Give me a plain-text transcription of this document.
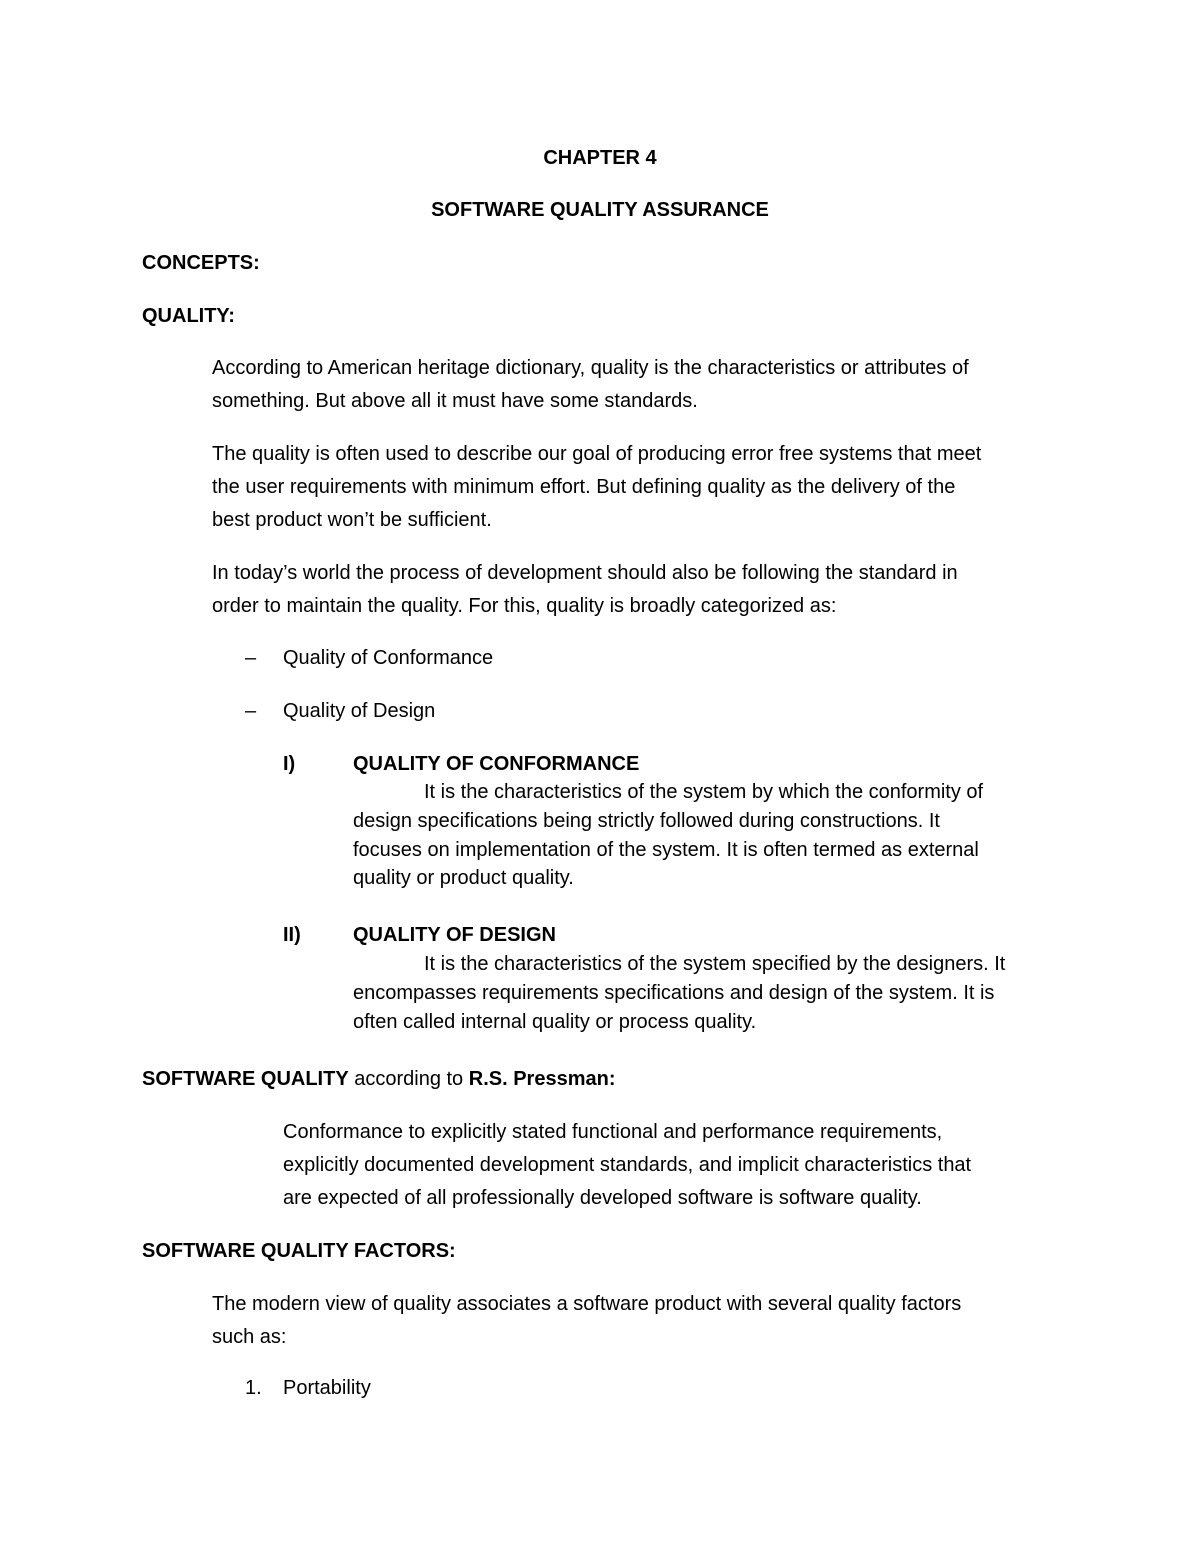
CHAPTER 4
SOFTWARE QUALITY ASSURANCE
CONCEPTS:
QUALITY:
According to American heritage dictionary, quality is the characteristics or attributes of
something. But above all it must have some standards.
The quality is often used to describe our goal of producing error free systems that meet
the user requirements with minimum effort. But defining quality as the delivery of the
best product won’t be sufficient.
In today’s world the process of development should also be following the standard in
order to maintain the quality. For this, quality is broadly categorized as:
– Quality of Conformance
– Quality of Design
I)	QUALITY OF CONFORMANCE
It is the characteristics of the system by which the conformity of
design specifications being strictly followed during constructions. It
focuses on implementation of the system. It is often termed as external
quality or product quality.
II)	QUALITY OF DESIGN
It is the characteristics of the system specified by the designers. It
encompasses requirements specifications and design of the system. It is
often called internal quality or process quality.
SOFTWARE QUALITY according to R.S. Pressman:
Conformance to explicitly stated functional and performance requirements,
explicitly documented development standards, and implicit characteristics that
are expected of all professionally developed software is software quality.
SOFTWARE QUALITY FACTORS:
The modern view of quality associates a software product with several quality factors
such as:
1. Portability
